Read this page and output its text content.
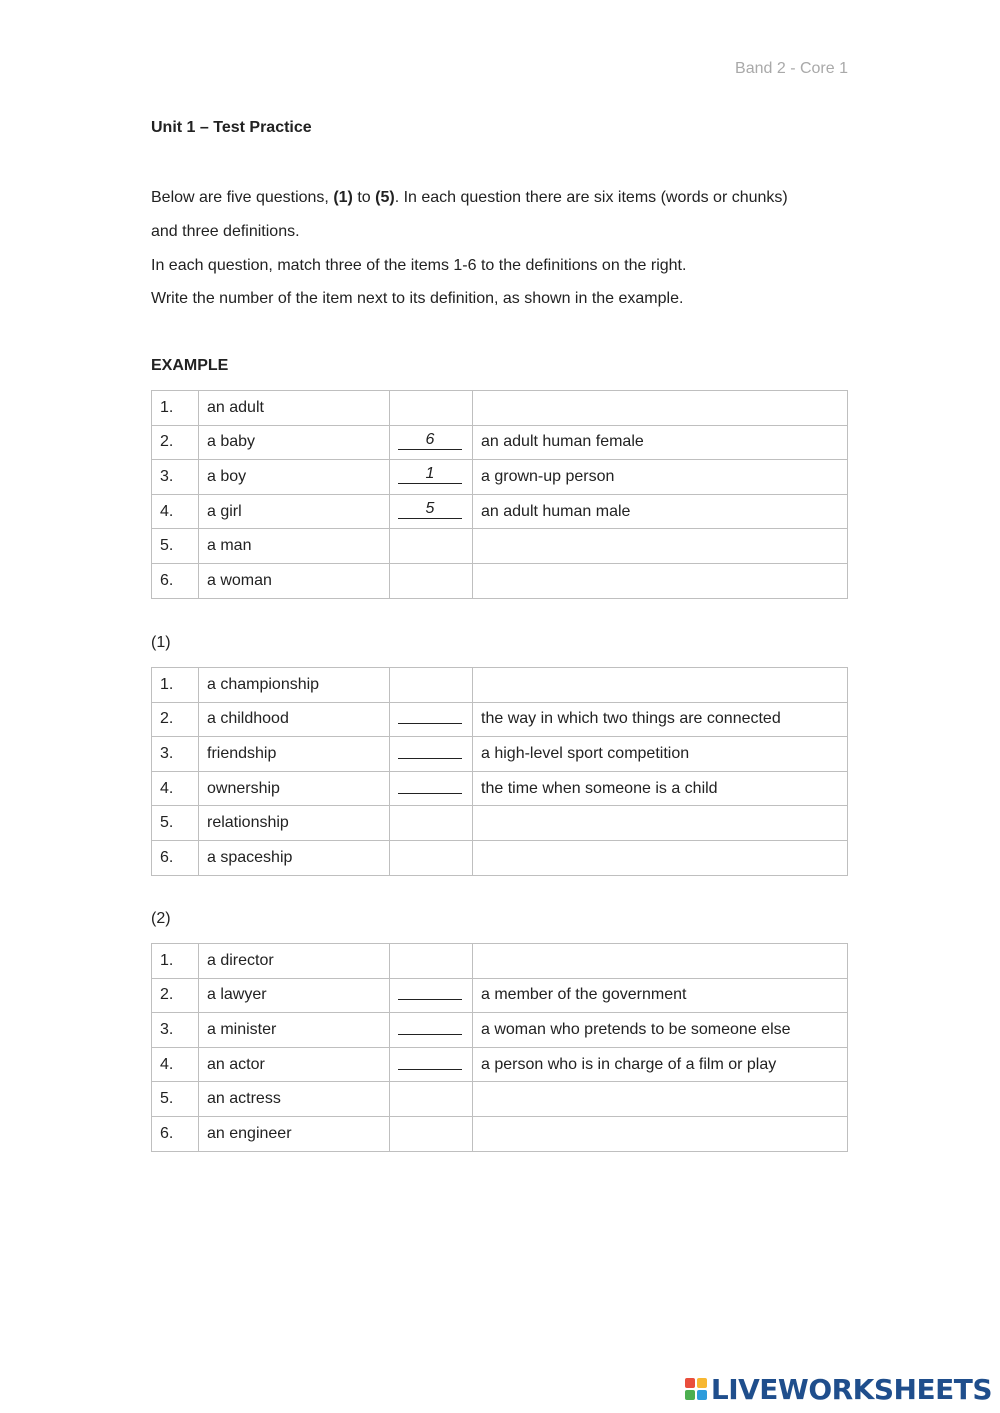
Band 2 - Core 1
Unit 1 – Test Practice
Below are five questions, (1) to (5). In each question there are six items (words or chunks)
and three definitions.
In each question, match three of the items 1-6 to the definitions on the right.
Write the number of the item next to its definition, as shown in the example.
EXAMPLE
1.	an adult		
2.	a baby	6	an adult human female
3.	a boy	1	a grown-up person
4.	a girl	5	an adult human male
5.	a man		
6.	a woman		
(1)
1.	a championship		
2.	a childhood		the way in which two things are connected
3.	friendship		a high-level sport competition
4.	ownership		the time when someone is a child
5.	relationship		
6.	a spaceship		
(2)
1.	a director		
2.	a lawyer		a member of the government
3.	a minister		a woman who pretends to be someone else
4.	an actor		a person who is in charge of a film or play
5.	an actress		
6.	an engineer		
LIVEWORKSHEETS
